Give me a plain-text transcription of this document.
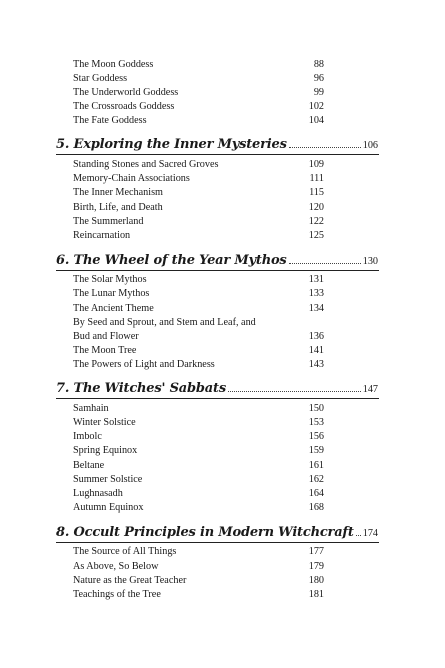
The Moon Goddess	88
Star Goddess	96
The Underworld Goddess	99
The Crossroads Goddess	102
The Fate Goddess	104
5. Exploring the Inner Mysteries	106
Standing Stones and Sacred Groves	109
Memory-Chain Associations	111
The Inner Mechanism	115
Birth, Life, and Death	120
The Summerland	122
Reincarnation	125
6. The Wheel of the Year Mythos	130
The Solar Mythos	131
The Lunar Mythos	133
The Ancient Theme	134
By Seed and Sprout, and Stem and Leaf, and
Bud and Flower	136
The Moon Tree	141
The Powers of Light and Darkness	143
7. The Witches' Sabbats	147
Samhain	150
Winter Solstice	153
Imbolc	156
Spring Equinox	159
Beltane	161
Summer Solstice	162
Lughnasadh	164
Autumn Equinox	168
8. Occult Principles in Modern Witchcraft 174
The Source of All Things	177
As Above, So Below	179
Nature as the Great Teacher	180
Teachings of the Tree	181
